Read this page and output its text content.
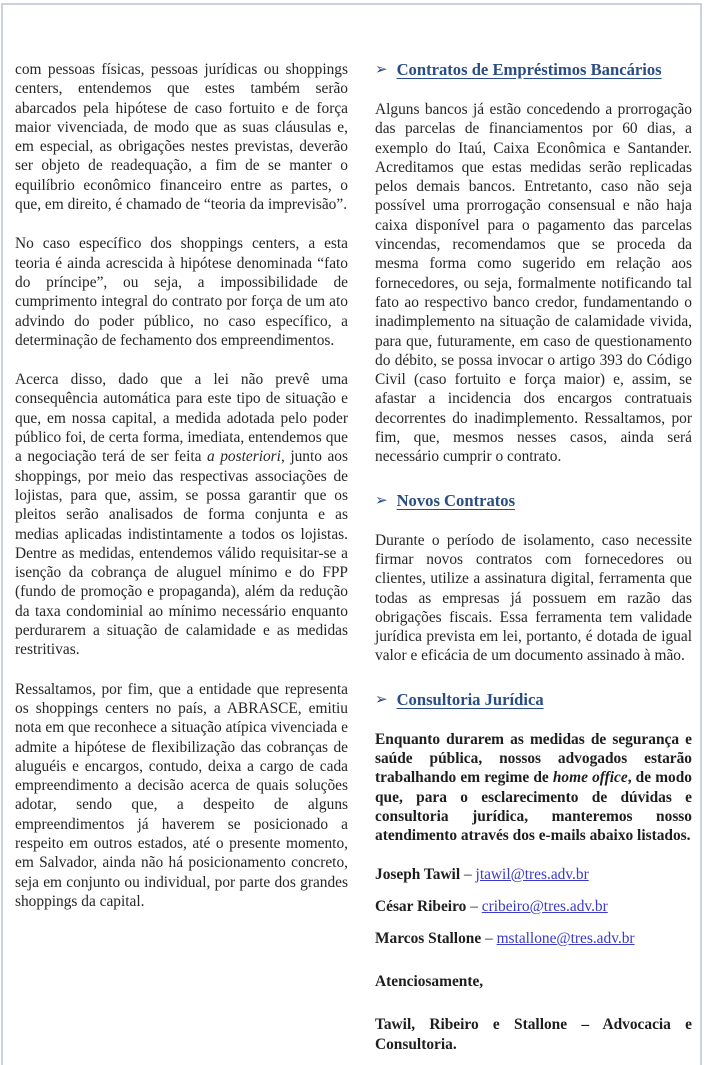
com pessoas físicas, pessoas jurídicas ou shoppings centers, entendemos que estes também serão abarcados pela hipótese de caso fortuito e de força maior vivenciada, de modo que as suas cláusulas e, em especial, as obrigações nestes previstas, deverão ser objeto de readequação, a fim de se manter o equilíbrio econômico financeiro entre as partes, o que, em direito, é chamado de “teoria da imprevisão”.

No caso específico dos shoppings centers, a esta teoria é ainda acrescida à hipótese denominada “fato do príncipe”, ou seja, a impossibilidade de cumprimento integral do contrato por força de um ato advindo do poder público, no caso específico, a determinação de fechamento dos empreendimentos.

Acerca disso, dado que a lei não prevê uma consequência automática para este tipo de situação e que, em nossa capital, a medida adotada pelo poder público foi, de certa forma, imediata, entendemos que a negociação terá de ser feita a posteriori, junto aos shoppings, por meio das respectivas associações de lojistas, para que, assim, se possa garantir que os pleitos serão analisados de forma conjunta e as medias aplicadas indistintamente a todos os lojistas. Dentre as medidas, entendemos válido requisitar-se a isenção da cobrança de aluguel mínimo e do FPP (fundo de promoção e propaganda), além da redução da taxa condominial ao mínimo necessário enquanto perdurarem a situação de calamidade e as medidas restritivas.

Ressaltamos, por fim, que a entidade que representa os shoppings centers no país, a ABRASCE, emitiu nota em que reconhece a situação atípica vivenciada e admite a hipótese de flexibilização das cobranças de aluguéis e encargos, contudo, deixa a cargo de cada empreendimento a decisão acerca de quais soluções adotar, sendo que, a despeito de alguns empreendimentos já haverem se posicionado a respeito em outros estados, até o presente momento, em Salvador, ainda não há posicionamento concreto, seja em conjunto ou individual, por parte dos grandes shoppings da capital.

➢ Contratos de Empréstimos Bancários

Alguns bancos já estão concedendo a prorrogação das parcelas de financiamentos por 60 dias, a exemplo do Itaú, Caixa Econômica e Santander. Acreditamos que estas medidas serão replicadas pelos demais bancos. Entretanto, caso não seja possível uma prorrogação consensual e não haja caixa disponível para o pagamento das parcelas vincendas, recomendamos que se proceda da mesma forma como sugerido em relação aos fornecedores, ou seja, formalmente notificando tal fato ao respectivo banco credor, fundamentando o inadimplemento na situação de calamidade vivida, para que, futuramente, em caso de questionamento do débito, se possa invocar o artigo 393 do Código Civil (caso fortuito e força maior) e, assim, se afastar a incidencia dos encargos contratuais decorrentes do inadimplemento. Ressaltamos, por fim, que, mesmos nesses casos, ainda será necessário cumprir o contrato.

➢ Novos Contratos

Durante o período de isolamento, caso necessite firmar novos contratos com fornecedores ou clientes, utilize a assinatura digital, ferramenta que todas as empresas já possuem em razão das obrigações fiscais. Essa ferramenta tem validade jurídica prevista em lei, portanto, é dotada de igual valor e eficácia de um documento assinado à mão.

➢ Consultoria Jurídica

Enquanto durarem as medidas de segurança e saúde pública, nossos advogados estarão trabalhando em regime de home office, de modo que, para o esclarecimento de dúvidas e consultoria jurídica, manteremos nosso atendimento através dos e-mails abaixo listados.

Joseph Tawil – jtawil@tres.adv.br

César Ribeiro – cribeiro@tres.adv.br

Marcos Stallone – mstallone@tres.adv.br

Atenciosamente,

Tawil, Ribeiro e Stallone – Advocacia e Consultoria.
